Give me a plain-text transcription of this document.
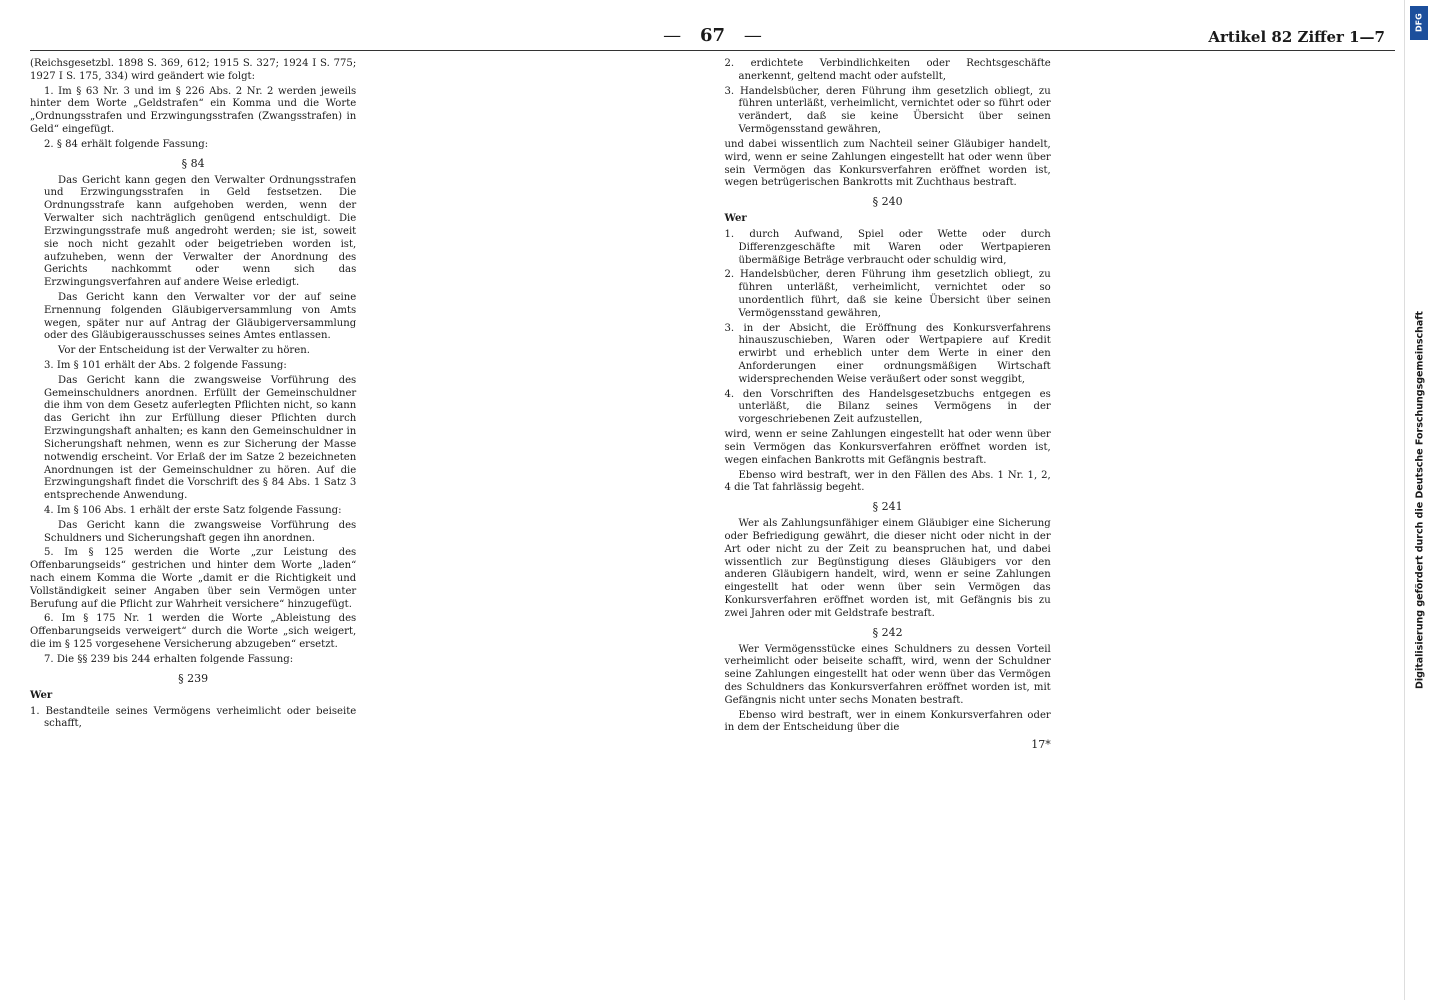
— 67 —	Artikel 82 Ziffer 1—7

(Reichsgesetzbl. 1898 S. 369, 612; 1915 S. 327; 1924 I S. 775; 1927 I S. 175, 334) wird geändert wie folgt:

1. Im § 63 Nr. 3 und im § 226 Abs. 2 Nr. 2 werden jeweils hinter dem Worte „Geldstrafen“ ein Komma und die Worte „Ordnungsstrafen und Erzwingungsstrafen (Zwangsstrafen) in Geld“ eingefügt.

2. § 84 erhält folgende Fassung:

§ 84

Das Gericht kann gegen den Verwalter Ordnungsstrafen und Erzwingungsstrafen in Geld festsetzen. Die Ordnungsstrafe kann aufgehoben werden, wenn der Verwalter sich nachträglich genügend entschuldigt. Die Erzwingungsstrafe muß angedroht werden; sie ist, soweit sie noch nicht gezahlt oder beigetrieben worden ist, aufzuheben, wenn der Verwalter der Anordnung des Gerichts nachkommt oder wenn sich das Erzwingungsverfahren auf andere Weise erledigt.

Das Gericht kann den Verwalter vor der auf seine Ernennung folgenden Gläubigerversammlung von Amts wegen, später nur auf Antrag der Gläubigerversammlung oder des Gläubigerausschusses seines Amtes entlassen.

Vor der Entscheidung ist der Verwalter zu hören.

3. Im § 101 erhält der Abs. 2 folgende Fassung:

Das Gericht kann die zwangsweise Vorführung des Gemeinschuldners anordnen. Erfüllt der Gemeinschuldner die ihm von dem Gesetz auferlegten Pflichten nicht, so kann das Gericht ihn zur Erfüllung dieser Pflichten durch Erzwingungshaft anhalten; es kann den Gemeinschuldner in Sicherungshaft nehmen, wenn es zur Sicherung der Masse notwendig erscheint. Vor Erlaß der im Satze 2 bezeichneten Anordnungen ist der Gemeinschuldner zu hören. Auf die Erzwingungshaft findet die Vorschrift des § 84 Abs. 1 Satz 3 entsprechende Anwendung.

4. Im § 106 Abs. 1 erhält der erste Satz folgende Fassung:

Das Gericht kann die zwangsweise Vorführung des Schuldners und Sicherungshaft gegen ihn anordnen.

5. Im § 125 werden die Worte „zur Leistung des Offenbarungseids“ gestrichen und hinter dem Worte „laden“ nach einem Komma die Worte „damit er die Richtigkeit und Vollständigkeit seiner Angaben über sein Vermögen unter Berufung auf die Pflicht zur Wahrheit versichere“ hinzugefügt.

6. Im § 175 Nr. 1 werden die Worte „Ableistung des Offenbarungseids verweigert“ durch die Worte „sich weigert, die im § 125 vorgesehene Versicherung abzugeben“ ersetzt.

7. Die §§ 239 bis 244 erhalten folgende Fassung:

§ 239

Wer

1. Bestandteile seines Vermögens verheimlicht oder beiseite schafft,

2. erdichtete Verbindlichkeiten oder Rechtsgeschäfte anerkennt, geltend macht oder aufstellt,

3. Handelsbücher, deren Führung ihm gesetzlich obliegt, zu führen unterläßt, verheimlicht, vernichtet oder so führt oder verändert, daß sie keine Übersicht über seinen Vermögensstand gewähren,

und dabei wissentlich zum Nachteil seiner Gläubiger handelt, wird, wenn er seine Zahlungen eingestellt hat oder wenn über sein Vermögen das Konkursverfahren eröffnet worden ist, wegen betrügerischen Bankrotts mit Zuchthaus bestraft.

§ 240

Wer

1. durch Aufwand, Spiel oder Wette oder durch Differenzgeschäfte mit Waren oder Wertpapieren übermäßige Beträge verbraucht oder schuldig wird,

2. Handelsbücher, deren Führung ihm gesetzlich obliegt, zu führen unterläßt, verheimlicht, vernichtet oder so unordentlich führt, daß sie keine Übersicht über seinen Vermögensstand gewähren,

3. in der Absicht, die Eröffnung des Konkursverfahrens hinauszuschieben, Waren oder Wertpapiere auf Kredit erwirbt und erheblich unter dem Werte in einer den Anforderungen einer ordnungsmäßigen Wirtschaft widersprechenden Weise veräußert oder sonst weggibt,

4. den Vorschriften des Handelsgesetzbuchs entgegen es unterläßt, die Bilanz seines Vermögens in der vorgeschriebenen Zeit aufzustellen,

wird, wenn er seine Zahlungen eingestellt hat oder wenn über sein Vermögen das Konkursverfahren eröffnet worden ist, wegen einfachen Bankrotts mit Gefängnis bestraft.

Ebenso wird bestraft, wer in den Fällen des Abs. 1 Nr. 1, 2, 4 die Tat fahrlässig begeht.

§ 241

Wer als Zahlungsunfähiger einem Gläubiger eine Sicherung oder Befriedigung gewährt, die dieser nicht oder nicht in der Art oder nicht zu der Zeit zu beanspruchen hat, und dabei wissentlich zur Begünstigung dieses Gläubigers vor den anderen Gläubigern handelt, wird, wenn er seine Zahlungen eingestellt hat oder wenn über sein Vermögen das Konkursverfahren eröffnet worden ist, mit Gefängnis bis zu zwei Jahren oder mit Geldstrafe bestraft.

§ 242

Wer Vermögensstücke eines Schuldners zu dessen Vorteil verheimlicht oder beiseite schafft, wird, wenn der Schuldner seine Zahlungen eingestellt hat oder wenn über das Vermögen des Schuldners das Konkursverfahren eröffnet worden ist, mit Gefängnis nicht unter sechs Monaten bestraft.

Ebenso wird bestraft, wer in einem Konkursverfahren oder in dem der Entscheidung über die

17*
DFG
Digitalisierung gefördert durch die Deutsche Forschungsgemeinschaft
